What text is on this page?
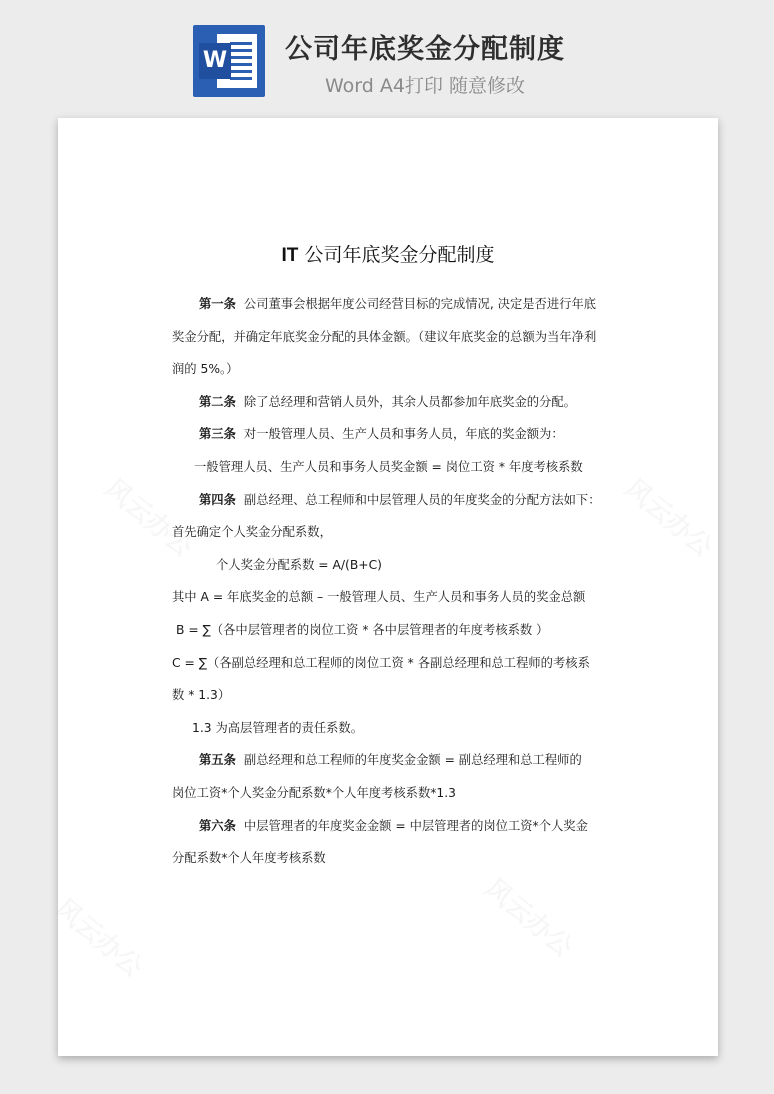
W 公司年底奖金分配制度
Word A4打印 随意修改
IT 公司年底奖金分配制度
第一条 公司董事会根据年度公司经营目标的完成情况, 决定是否进行年底
奖金分配，并确定年底奖金分配的具体金额。（建议年底奖金的总额为当年净利
润的 5%。）
第二条 除了总经理和营销人员外，其余人员都参加年底奖金的分配。
第三条 对一般管理人员、生产人员和事务人员，年底的奖金额为：
一般管理人员、生产人员和事务人员奖金额 = 岗位工资 * 年度考核系数
第四条 副总经理、总工程师和中层管理人员的年度奖金的分配方法如下：
首先确定个人奖金分配系数，
个人奖金分配系数 = A/(B+C)
其中 A = 年底奖金的总额 – 一般管理人员、生产人员和事务人员的奖金总额
B = ∑（各中层管理者的岗位工资 * 各中层管理者的年度考核系数 ）
C = ∑（各副总经理和总工程师的岗位工资 * 各副总经理和总工程师的考核系
数 * 1.3）
1.3 为高层管理者的责任系数。
第五条 副总经理和总工程师的年度奖金金额 = 副总经理和总工程师的
岗位工资*个人奖金分配系数*个人年度考核系数*1.3
第六条 中层管理者的年度奖金金额 = 中层管理者的岗位工资*个人奖金
分配系数*个人年度考核系数
